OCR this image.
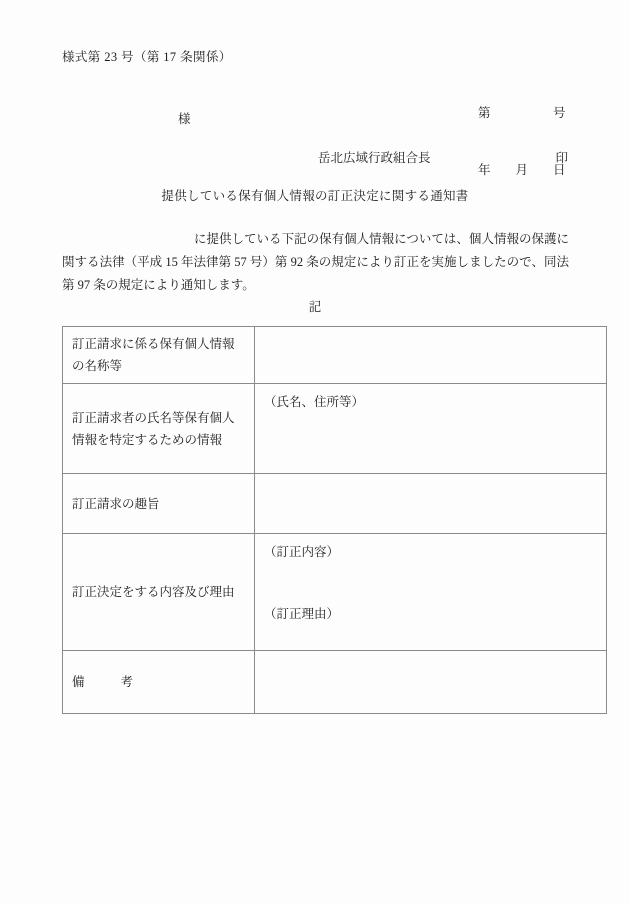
様式第 23 号（第 17 条関係）

第　　　　　号

年　　月　　日

様
岳北広域行政組合長	印
提供している保有個人情報の訂正決定に関する通知書
に提供している下記の保有個人情報については、個人情報の保護に関する法律（平成 15 年法律第 57 号）第 92 条の規定により訂正を実施しましたので、同法第 97 条の規定により通知します。
記
訂正請求に係る保有個人情報の名称等	
訂正請求者の氏名等保有個人情報を特定するための情報	（氏名、住所等）
訂正請求の趣旨	
訂正決定をする内容及び理由	（訂正内容）
（訂正理由）

備 考	
